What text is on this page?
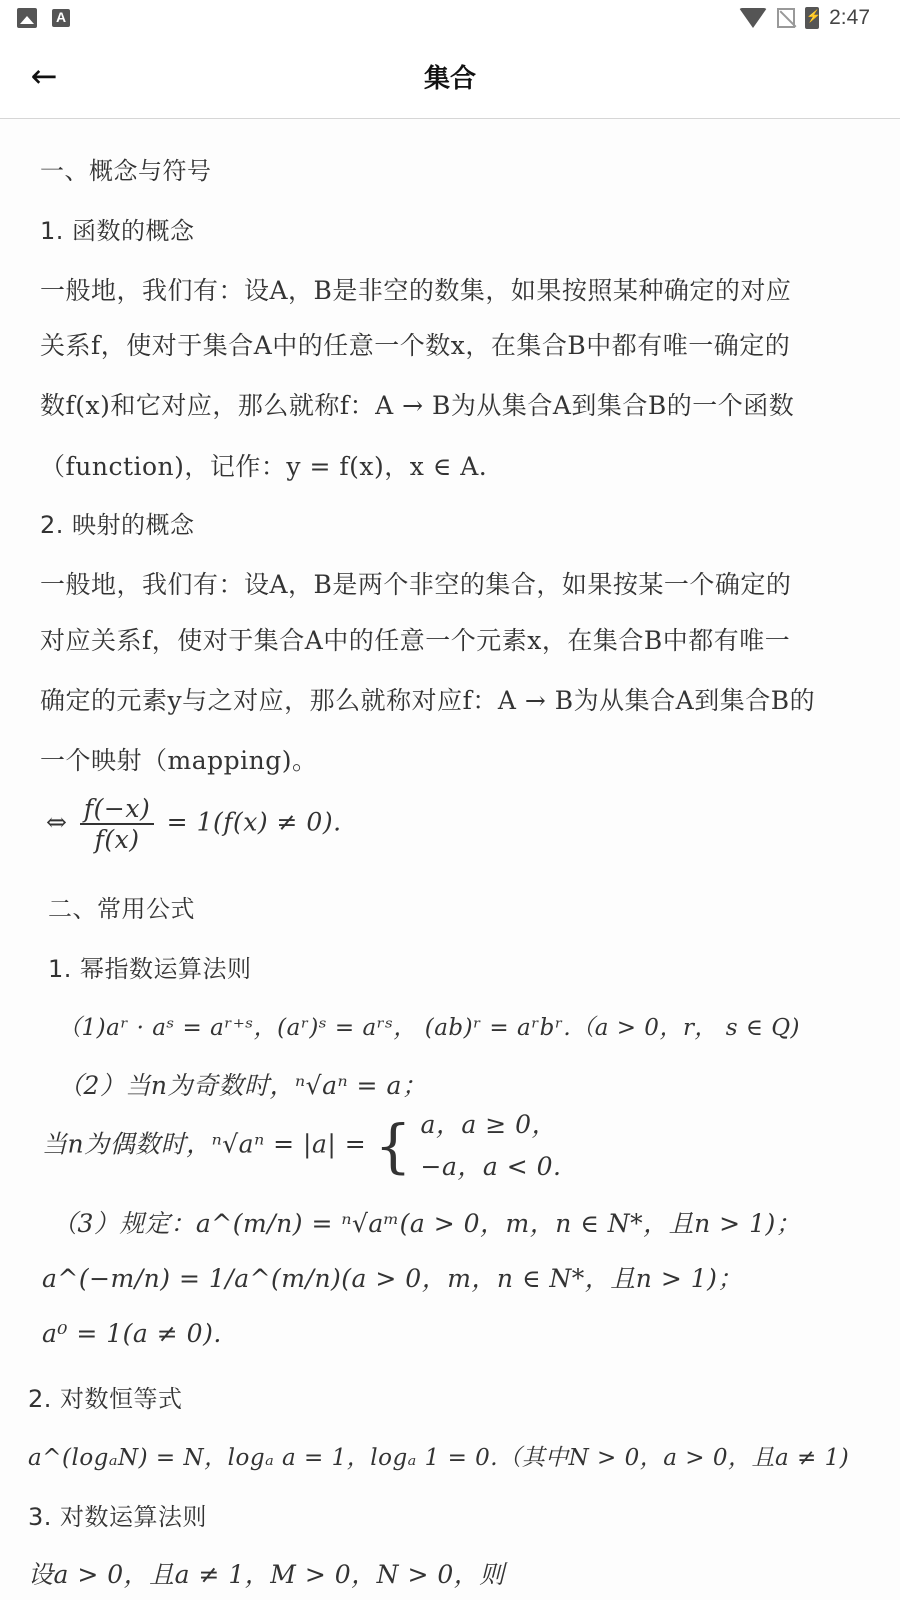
A
⚡	2:47
←	集合
一、概念与符号
1. 函数的概念
一般地，我们有：设A，B是非空的数集，如果按照某种确定的对应
关系f，使对于集合A中的任意一个数x，在集合B中都有唯一确定的
数f(x)和它对应，那么就称f：A → B为从集合A到集合B的一个函数
（function)，记作：y = f(x)，x ∈ A.
2. 映射的概念
一般地，我们有：设A，B是两个非空的集合，如果按某一个确定的
对应关系f，使对于集合A中的任意一个元素x，在集合B中都有唯一
确定的元素y与之对应，那么就称对应f：A → B为从集合A到集合B的
一个映射（mapping)。
⇔ $\frac{f(-x)}{f(x)} = 1(f(x) \ne 0)$.
二、常用公式
1. 幂指数运算法则
（1)aʳ · aˢ = aʳ⁺ˢ，(aʳ)ˢ = aʳˢ， (ab)ʳ = aʳbʳ.（a > 0，r， s ∈ Q)
（2）当n为奇数时，ⁿ√aⁿ = a；
当n为偶数时，ⁿ√aⁿ = |a| = { a，a ≥ 0，
−a，a < 0.
（3）规定：a^(m/n) = ⁿ√aᵐ(a > 0，m，n ∈ N*，且n > 1)；
a^(−m/n) = 1/a^(m/n)(a > 0，m，n ∈ N*，且n > 1)；
a⁰ = 1(a ≠ 0).
2. 对数恒等式
a^(logₐN) = N，logₐ a = 1，logₐ 1 = 0.（其中N > 0，a > 0，且a ≠ 1)
3. 对数运算法则
设a > 0，且a ≠ 1，M > 0，N > 0，则
